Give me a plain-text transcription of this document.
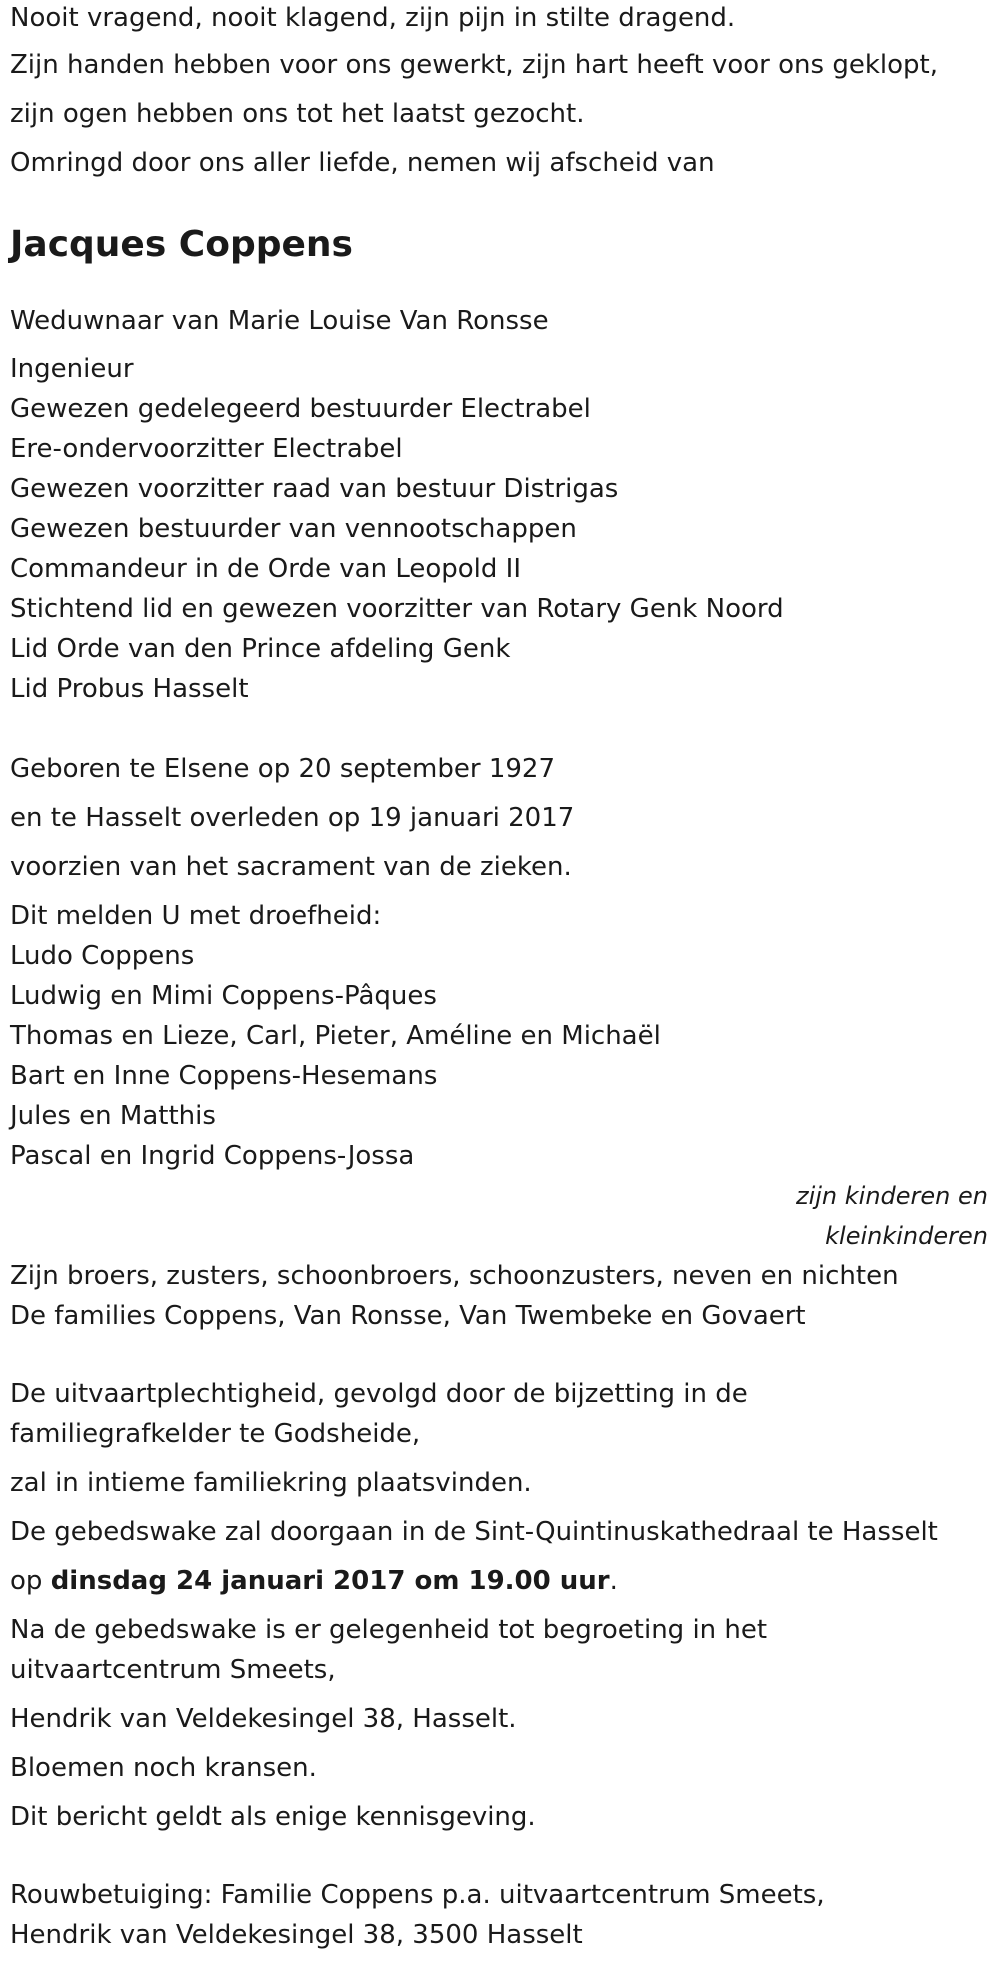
Nooit vragend, nooit klagend, zijn pijn in stilte dragend.

Zijn handen hebben voor ons gewerkt, zijn hart heeft voor ons geklopt,

zijn ogen hebben ons tot het laatst gezocht.

Omringd door ons aller liefde, nemen wij afscheid van

Jacques Coppens

Weduwnaar van Marie Louise Van Ronsse

Ingenieur

Gewezen gedelegeerd bestuurder Electrabel

Ere-ondervoorzitter Electrabel

Gewezen voorzitter raad van bestuur Distrigas

Gewezen bestuurder van vennootschappen

Commandeur in de Orde van Leopold II

Stichtend lid en gewezen voorzitter van Rotary Genk Noord

Lid Orde van den Prince afdeling Genk

Lid Probus Hasselt

Geboren te Elsene op 20 september 1927

en te Hasselt overleden op 19 januari 2017

voorzien van het sacrament van de zieken.

Dit melden U met droefheid:

Ludo Coppens

Ludwig en Mimi Coppens-Pâques

Thomas en Lieze, Carl, Pieter, Améline en Michaël

Bart en Inne Coppens-Hesemans

Jules en Matthis

Pascal en Ingrid Coppens-Jossa

zijn kinderen en
kleinkinderen

Zijn broers, zusters, schoonbroers, schoonzusters, neven en nichten

De families Coppens, Van Ronsse, Van Twembeke en Govaert

De uitvaartplechtigheid, gevolgd door de bijzetting in de

familiegrafkelder te Godsheide,

zal in intieme familiekring plaatsvinden.

De gebedswake zal doorgaan in de Sint-Quintinuskathedraal te Hasselt

op dinsdag 24 januari 2017 om 19.00 uur.

Na de gebedswake is er gelegenheid tot begroeting in het

uitvaartcentrum Smeets,

Hendrik van Veldekesingel 38, Hasselt.

Bloemen noch kransen.

Dit bericht geldt als enige kennisgeving.

Rouwbetuiging: Familie Coppens p.a. uitvaartcentrum Smeets,

Hendrik van Veldekesingel 38, 3500 Hasselt
